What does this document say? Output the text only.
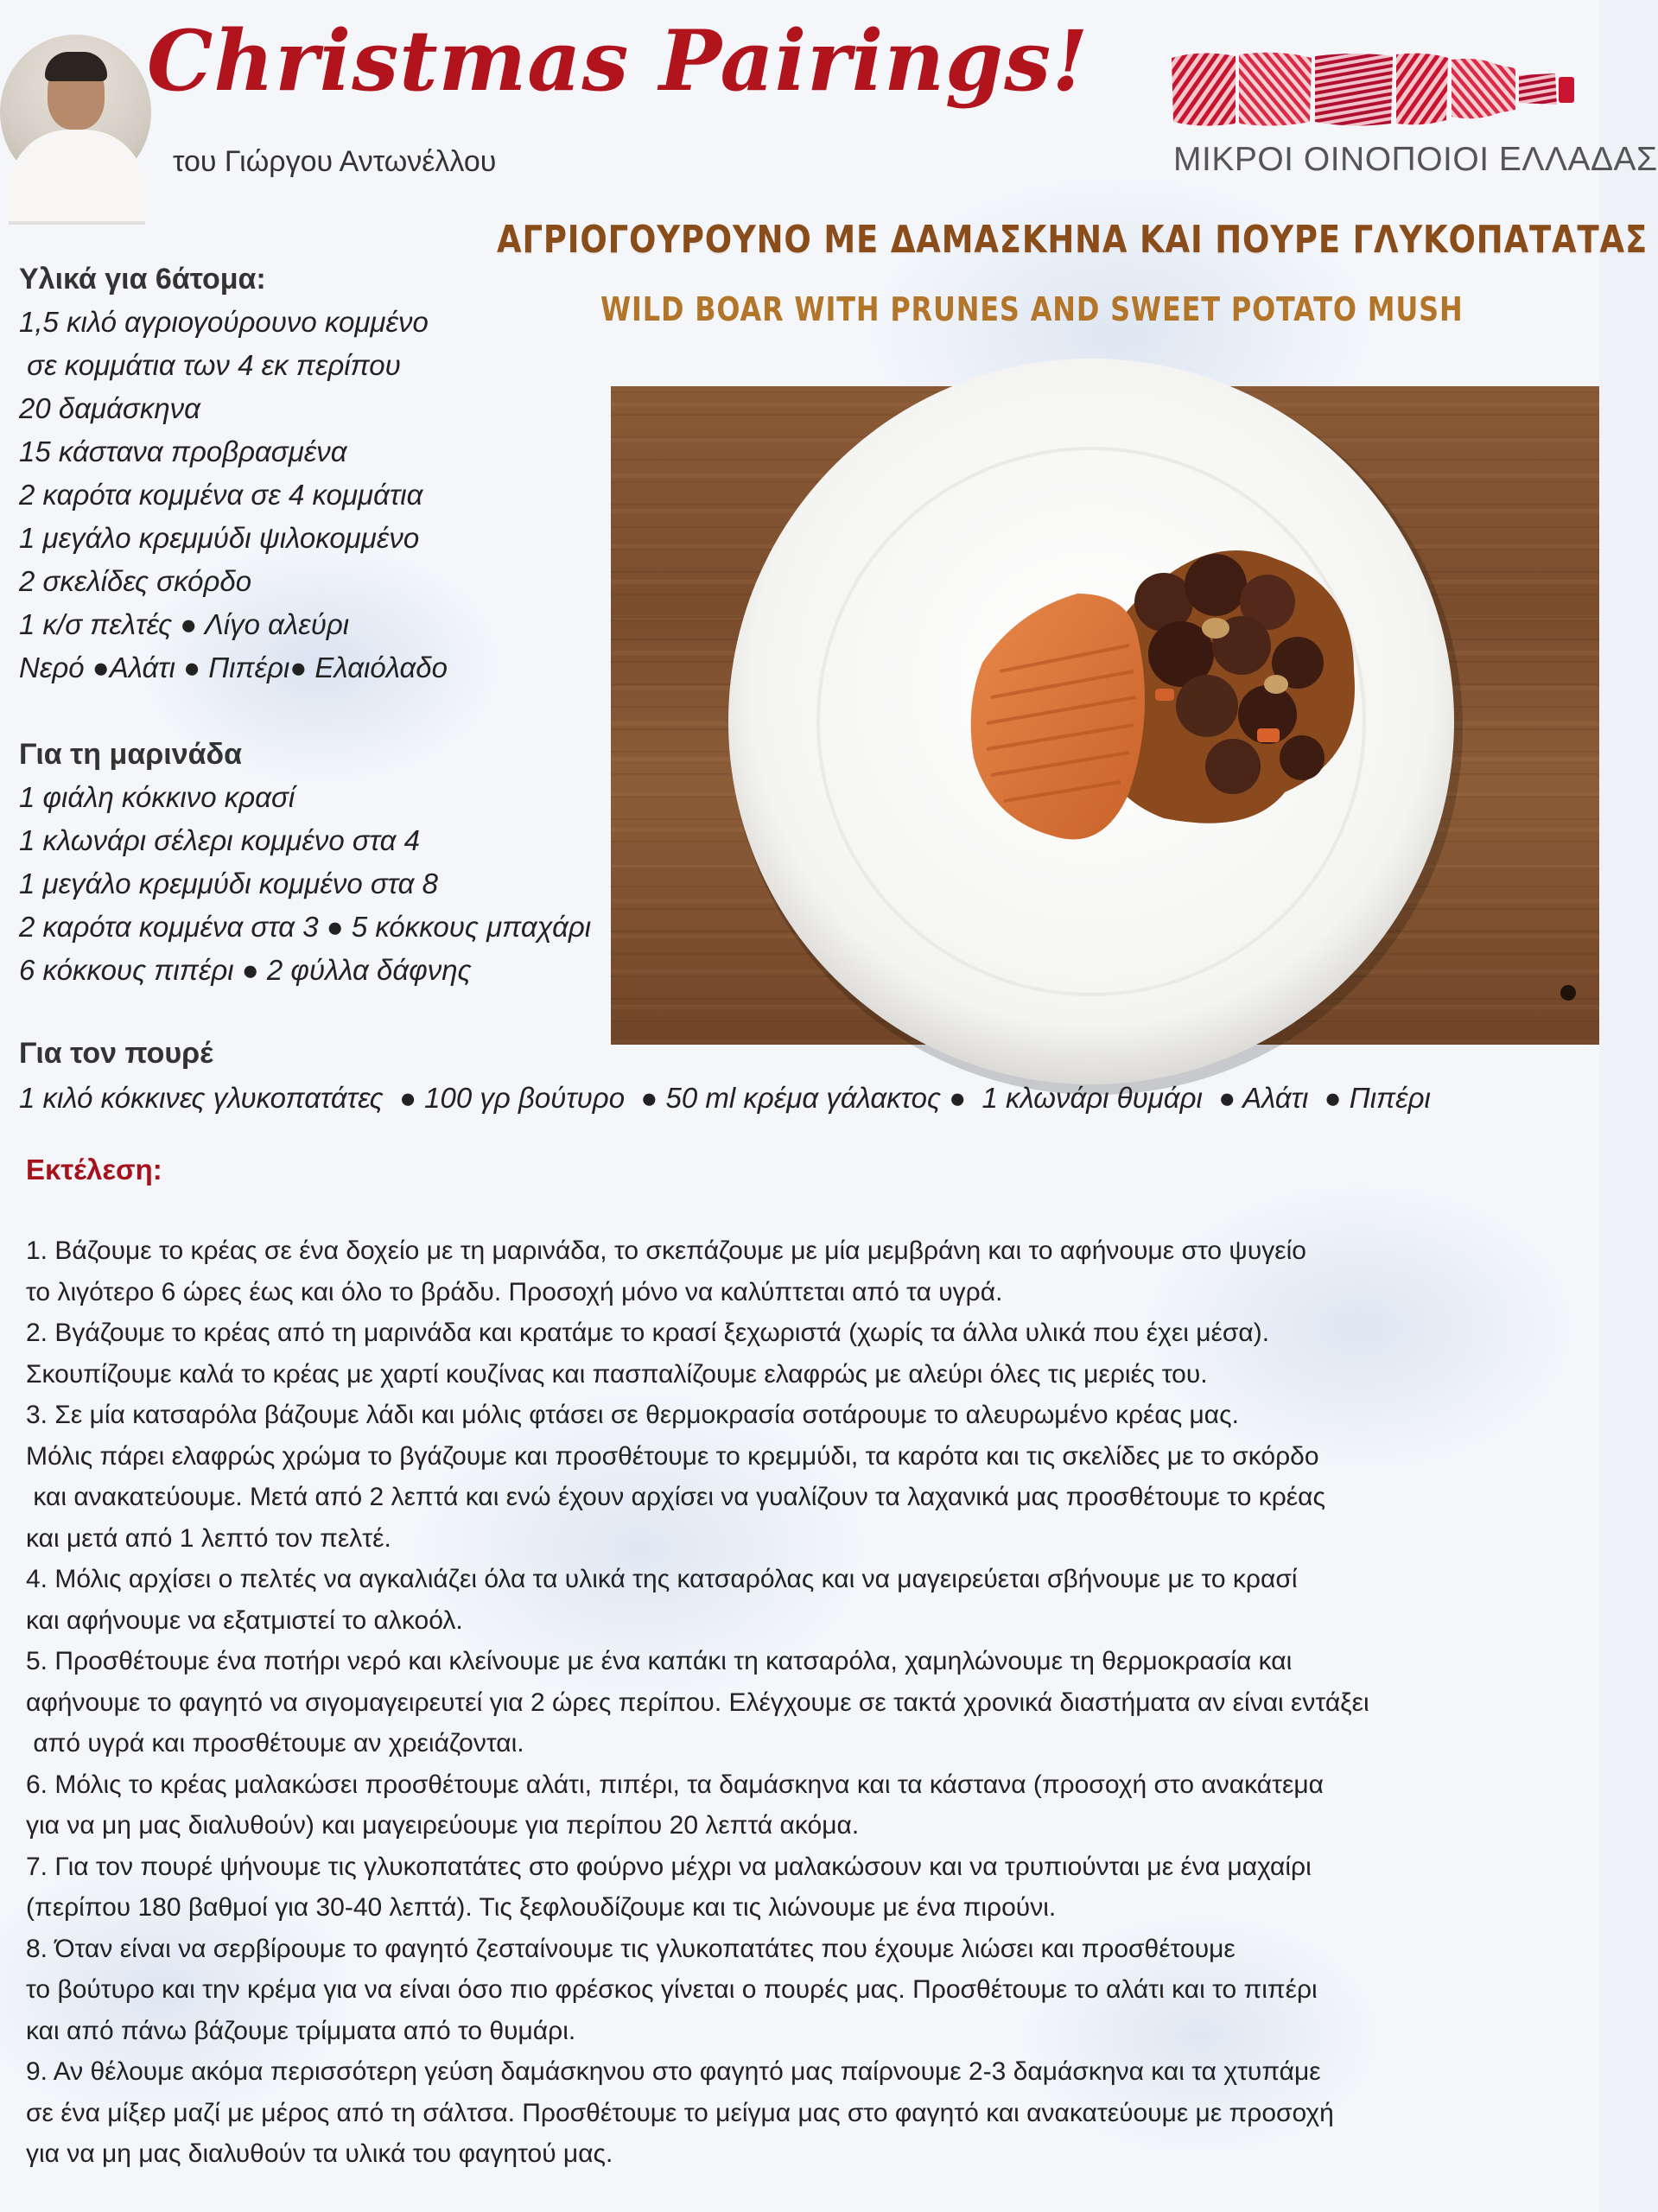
Christmas Pairings!
του Γιώργου Αντωνέλλου	ΜΙΚΡΟΙ ΟΙΝΟΠΟΙΟΙ ΕΛΛΑΔΑΣ
ΑΓΡΙΟΓΟΥΡΟΥΝΟ ΜΕ ΔΑΜΑΣΚΗΝΑ ΚΑΙ ΠΟΥΡΕ ΓΛΥΚΟΠΑΤΑΤΑΣ
WILD BOAR WITH PRUNES AND SWEET POTATO MUSH
Υλικά για 6άτομα:
1,5 κιλό αγριογούρουνο κομμένο
σε κομμάτια των 4 εκ περίπου
20 δαμάσκηνα
15 κάστανα προβρασμένα
2 καρότα κομμένα σε 4 κομμάτια
1 μεγάλο κρεμμύδι ψιλοκομμένο
2 σκελίδες σκόρδο
1 κ/σ πελτές ● Λίγο αλεύρι
Νερό ●Αλάτι ● Πιπέρι● Ελαιόλαδο
Για τη μαρινάδα
1 φιάλη κόκκινο κρασί
1 κλωνάρι σέλερι κομμένο στα 4
1 μεγάλο κρεμμύδι κομμένο στα 8
2 καρότα κομμένα στα 3 ● 5 κόκκους μπαχάρι
6 κόκκους πιπέρι ● 2 φύλλα δάφνης
Για τον πουρέ
1 κιλό κόκκινες γλυκοπατάτες  ● 100 γρ βούτυρο  ● 50 ml κρέμα γάλακτος ●  1 κλωνάρι θυμάρι  ● Αλάτι  ● Πιπέρι
Εκτέλεση:
1. Βάζουμε το κρέας σε ένα δοχείο με τη μαρινάδα, το σκεπάζουμε με μία μεμβράνη και το αφήνουμε στο ψυγείο
το λιγότερο 6 ώρες έως και όλο το βράδυ. Προσοχή μόνο να καλύπτεται από τα υγρά.
2. Βγάζουμε το κρέας από τη μαρινάδα και κρατάμε το κρασί ξεχωριστά (χωρίς τα άλλα υλικά που έχει μέσα).
Σκουπίζουμε καλά το κρέας με χαρτί κουζίνας και πασπαλίζουμε ελαφρώς με αλεύρι όλες τις μεριές του.
3. Σε μία κατσαρόλα βάζουμε λάδι και μόλις φτάσει σε θερμοκρασία σοτάρουμε το αλευρωμένο κρέας μας.
Μόλις πάρει ελαφρώς χρώμα το βγάζουμε και προσθέτουμε το κρεμμύδι, τα καρότα και τις σκελίδες με το σκόρδο
και ανακατεύουμε. Μετά από 2 λεπτά και ενώ έχουν αρχίσει να γυαλίζουν τα λαχανικά μας προσθέτουμε το κρέας
και μετά από 1 λεπτό τον πελτέ.
4. Μόλις αρχίσει ο πελτές να αγκαλιάζει όλα τα υλικά της κατσαρόλας και να μαγειρεύεται σβήνουμε με το κρασί
και αφήνουμε να εξατμιστεί το αλκοόλ.
5. Προσθέτουμε ένα ποτήρι νερό και κλείνουμε με ένα καπάκι τη κατσαρόλα, χαμηλώνουμε τη θερμοκρασία και
αφήνουμε το φαγητό να σιγομαγειρευτεί για 2 ώρες περίπου. Ελέγχουμε σε τακτά χρονικά διαστήματα αν είναι εντάξει
από υγρά και προσθέτουμε αν χρειάζονται.
6. Μόλις το κρέας μαλακώσει προσθέτουμε αλάτι, πιπέρι, τα δαμάσκηνα και τα κάστανα (προσοχή στο ανακάτεμα
για να μη μας διαλυθούν) και μαγειρεύουμε για περίπου 20 λεπτά ακόμα.
7. Για τον πουρέ ψήνουμε τις γλυκοπατάτες στο φούρνο μέχρι να μαλακώσουν και να τρυπιούνται με ένα μαχαίρι
(περίπου 180 βαθμοί για 30-40 λεπτά). Τις ξεφλουδίζουμε και τις λιώνουμε με ένα πιρούνι.
8. Όταν είναι να σερβίρουμε το φαγητό ζεσταίνουμε τις γλυκοπατάτες που έχουμε λιώσει και προσθέτουμε
το βούτυρο και την κρέμα για να είναι όσο πιο φρέσκος γίνεται ο πουρές μας. Προσθέτουμε το αλάτι και το πιπέρι
και από πάνω βάζουμε τρίμματα από το θυμάρι.
9. Αν θέλουμε ακόμα περισσότερη γεύση δαμάσκηνου στο φαγητό μας παίρνουμε 2-3 δαμάσκηνα και τα χτυπάμε
σε ένα μίξερ μαζί με μέρος από τη σάλτσα. Προσθέτουμε το μείγμα μας στο φαγητό και ανακατεύουμε με προσοχή
για να μη μας διαλυθούν τα υλικά του φαγητού μας.
